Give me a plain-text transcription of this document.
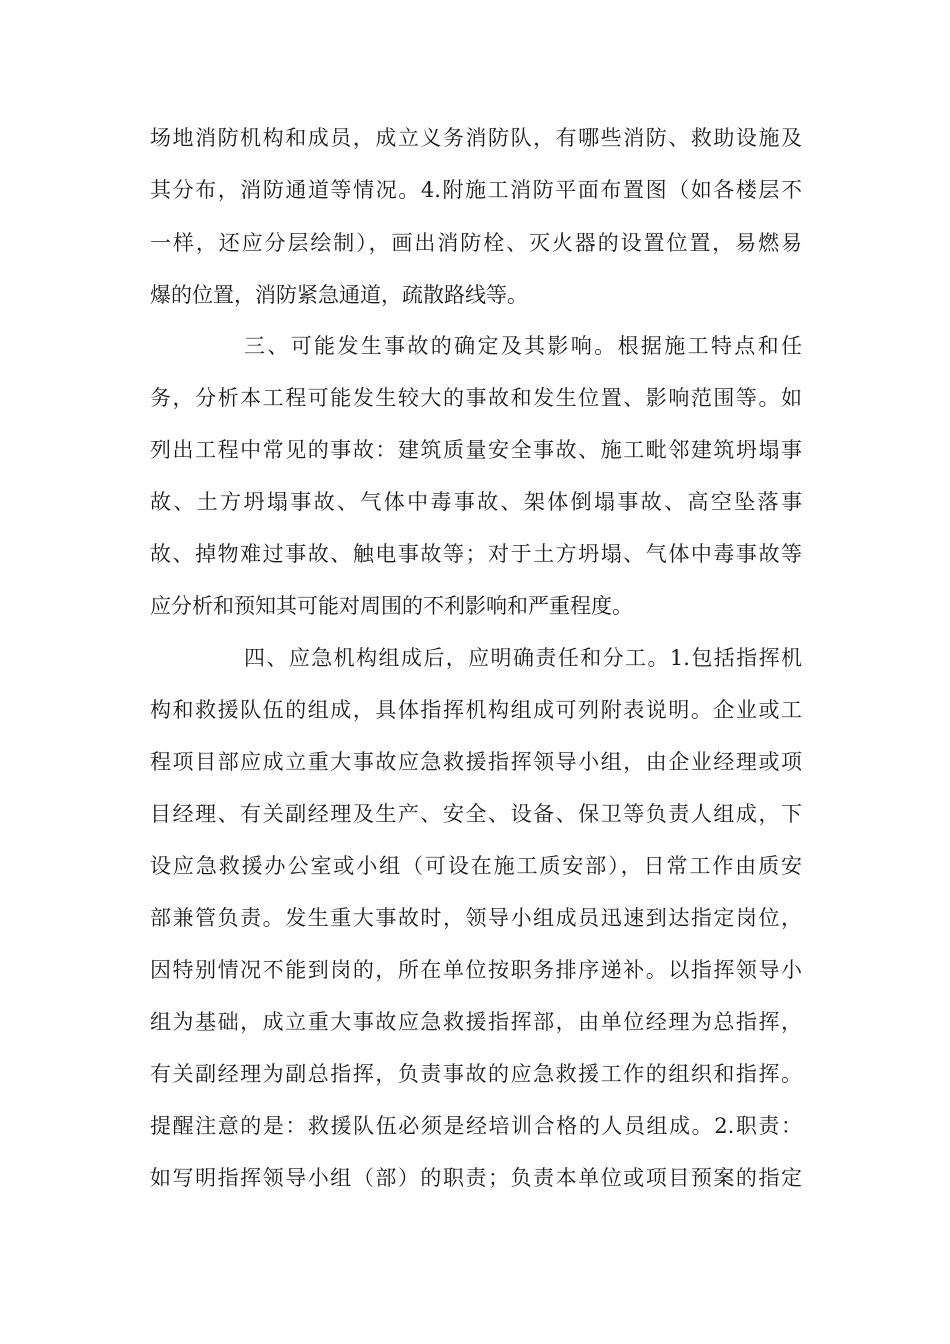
场地消防机构和成员，成立义务消防队，有哪些消防、救助设施及
其分布，消防通道等情况。4.附施工消防平面布置图（如各楼层不
一样，还应分层绘制），画出消防栓、灭火器的设置位置，易燃易
爆的位置，消防紧急通道，疏散路线等。
三、可能发生事故的确定及其影响。根据施工特点和任
务，分析本工程可能发生较大的事故和发生位置、影响范围等。如
列出工程中常见的事故：建筑质量安全事故、施工毗邻建筑坍塌事
故、土方坍塌事故、气体中毒事故、架体倒塌事故、高空坠落事
故、掉物难过事故、触电事故等；对于土方坍塌、气体中毒事故等
应分析和预知其可能对周围的不利影响和严重程度。
四、应急机构组成后，应明确责任和分工。1.包括指挥机
构和救援队伍的组成，具体指挥机构组成可列附表说明。企业或工
程项目部应成立重大事故应急救援指挥领导小组，由企业经理或项
目经理、有关副经理及生产、安全、设备、保卫等负责人组成，下
设应急救援办公室或小组（可设在施工质安部），日常工作由质安
部兼管负责。发生重大事故时，领导小组成员迅速到达指定岗位，
因特别情况不能到岗的，所在单位按职务排序递补。以指挥领导小
组为基础，成立重大事故应急救援指挥部，由单位经理为总指挥，
有关副经理为副总指挥，负责事故的应急救援工作的组织和指挥。
提醒注意的是：救援队伍必须是经培训合格的人员组成。2.职责：
如写明指挥领导小组（部）的职责；负责本单位或项目预案的指定
